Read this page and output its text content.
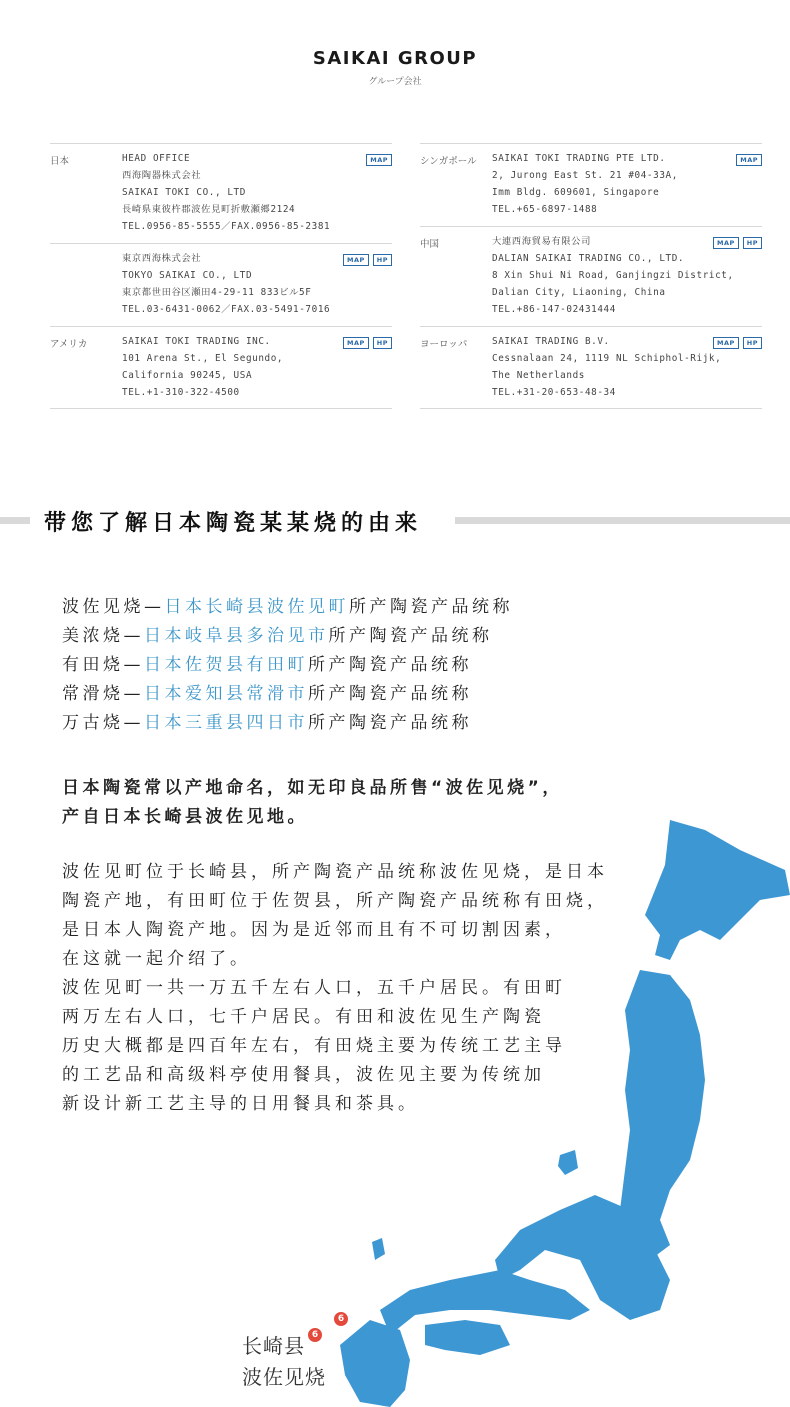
SAIKAI GROUP
グループ会社
日本	HEAD OFFICE
西海陶器株式会社
SAIKAI TOKI CO., LTD
長崎県東彼杵郡波佐見町折敷瀬郷2124
TEL.0956-85-5555／FAX.0956-85-2381
MAP
東京西海株式会社
TOKYO SAIKAI CO., LTD
東京都世田谷区瀬田4-29-11 833ビル5F
TEL.03-6431-0062／FAX.03-5491-7016
MAP	HP
アメリカ	SAIKAI TOKI TRADING INC.
101 Arena St., El Segundo,
California 90245, USA
TEL.+1-310-322-4500
MAP	HP
シンガポール SAIKAI TOKI TRADING PTE LTD.
2, Jurong East St. 21 #04-33A,
Imm Bldg. 609601, Singapore
TEL.+65-6897-1488
MAP
中国	大連西海貿易有限公司
DALIAN SAIKAI TRADING CO., LTD.
8 Xin Shui Ni Road, Ganjingzi District,
Dalian City, Liaoning, China
TEL.+86-147-02431444
MAP	HP
ヨーロッパ	SAIKAI TRADING B.V.
Cessnalaan 24, 1119 NL Schiphol-Rijk,
The Netherlands
TEL.+31-20-653-48-34
MAP	HP
带您了解日本陶瓷某某烧的由来
波佐见烧—日本长崎县波佐见町所产陶瓷产品统称
美浓烧—日本岐阜县多治见市所产陶瓷产品统称
有田烧—日本佐贺县有田町所产陶瓷产品统称
常滑烧—日本爱知县常滑市所产陶瓷产品统称
万古烧—日本三重县四日市所产陶瓷产品统称
日本陶瓷常以产地命名，如无印良品所售“波佐见烧”，
产自日本长崎县波佐见地。
波佐见町位于长崎县，所产陶瓷产品统称波佐见烧，是日本
陶瓷产地，有田町位于佐贺县，所产陶瓷产品统称有田烧，
是日本人陶瓷产地。因为是近邻而且有不可切割因素，
在这就一起介绍了。
波佐见町一共一万五千左右人口，五千户居民。有田町
两万左右人口，七千户居民。有田和波佐见生产陶瓷
历史大概都是四百年左右，有田烧主要为传统工艺主导
的工艺品和高级料亭使用餐具，波佐见主要为传统加
新设计新工艺主导的日用餐具和茶具。
6
长崎县 6
波佐见烧
